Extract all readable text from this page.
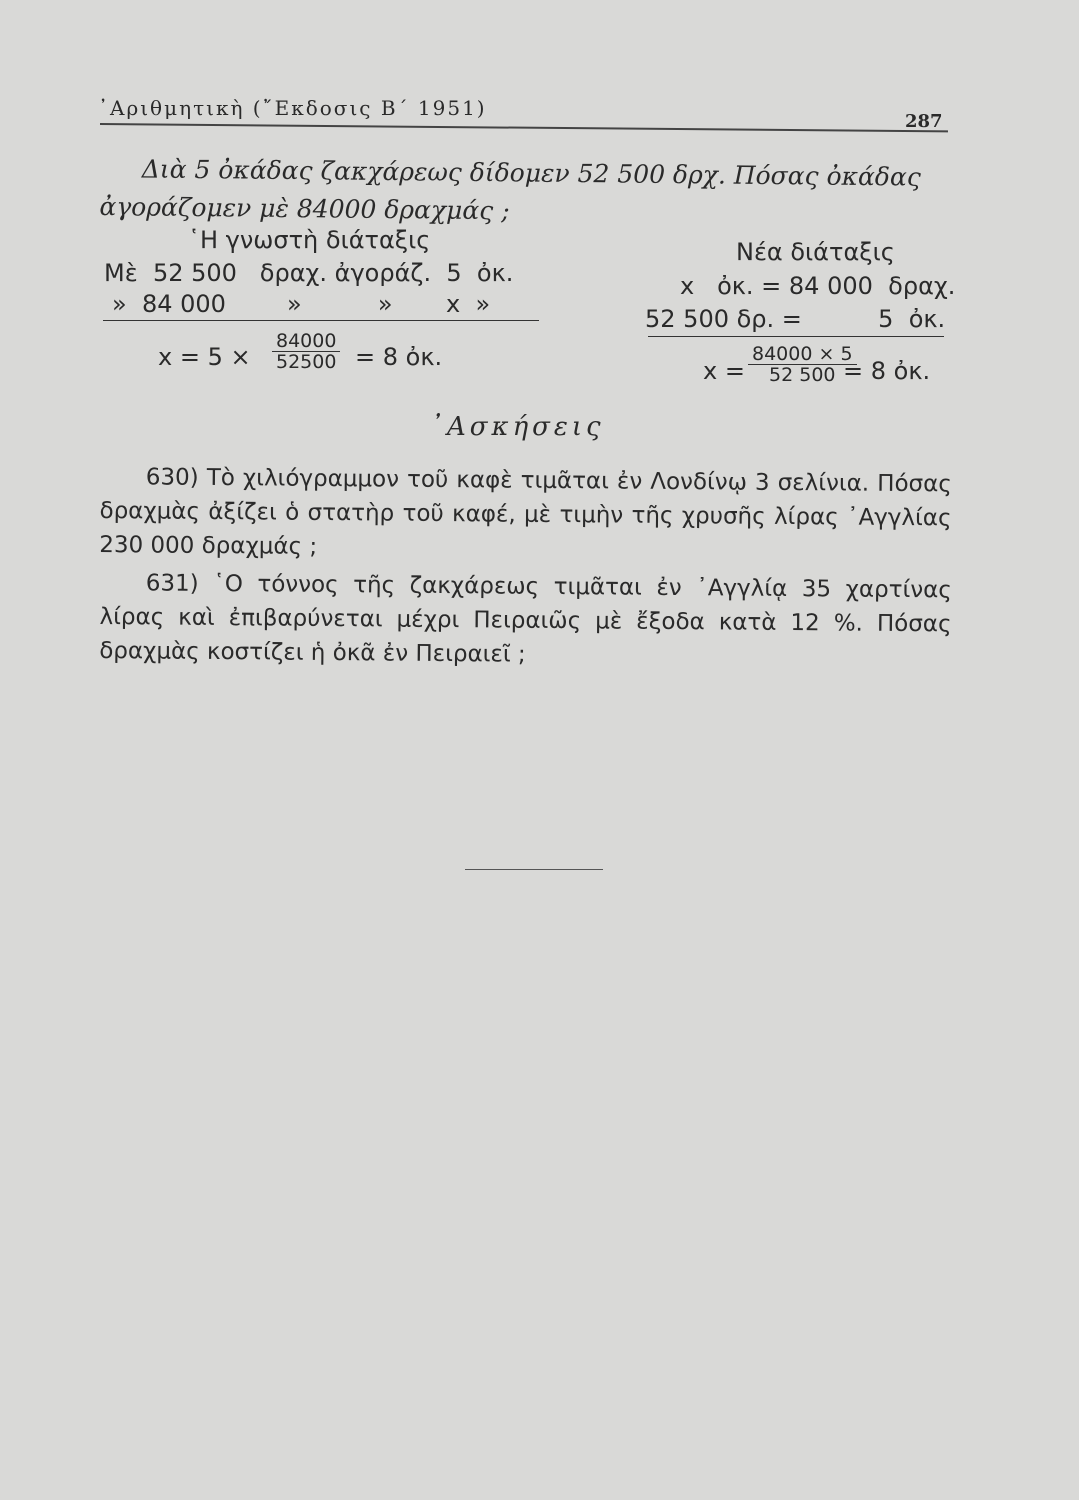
᾿Αριθμητικὴ (῎Εκδοσις Β΄ 1951)
287
Διὰ 5 ὀκάδας ζακχάρεως δίδομεν 52 500 δρχ. Πόσας ὀκάδας ἀγοράζομεν μὲ 84000 δραχμάς ;
῾Η γνωστὴ διάταξις
Μὲ  52 500   δραχ. ἀγοράζ.  5  ὀκ.
»  84 000        »          »       x  »
$x = 5 \times \frac{84000}{52500} = 8$ ὀκ.
Νέα διάταξις
x   ὀκ. = 84 000  δραχ.
52 500 δρ. =          5  ὀκ.
$x = \frac{84000 \times 5}{52 500}$
= 8 ὀκ.
᾿Ασκήσεις
630) Τὸ χιλιόγραμμον τοῦ καφὲ τιμᾶται ἐν Λονδίνῳ 3 σελίνια. Πόσας δραχμὰς ἀξίζει ὁ στατὴρ τοῦ καφέ, μὲ τιμὴν τῆς χρυσῆς λίρας ᾿Αγγλίας 230 000 δραχμάς ;
631) ῾Ο τόννος τῆς ζακχάρεως τιμᾶται ἐν ᾿Αγγλίᾳ 35 χαρτίνας λίρας καὶ ἐπιβαρύνεται μέχρι Πειραιῶς μὲ ἔξοδα κατὰ 12 %. Πόσας δραχμὰς κοστίζει ἡ ὀκᾶ ἐν Πειραιεῖ ;
